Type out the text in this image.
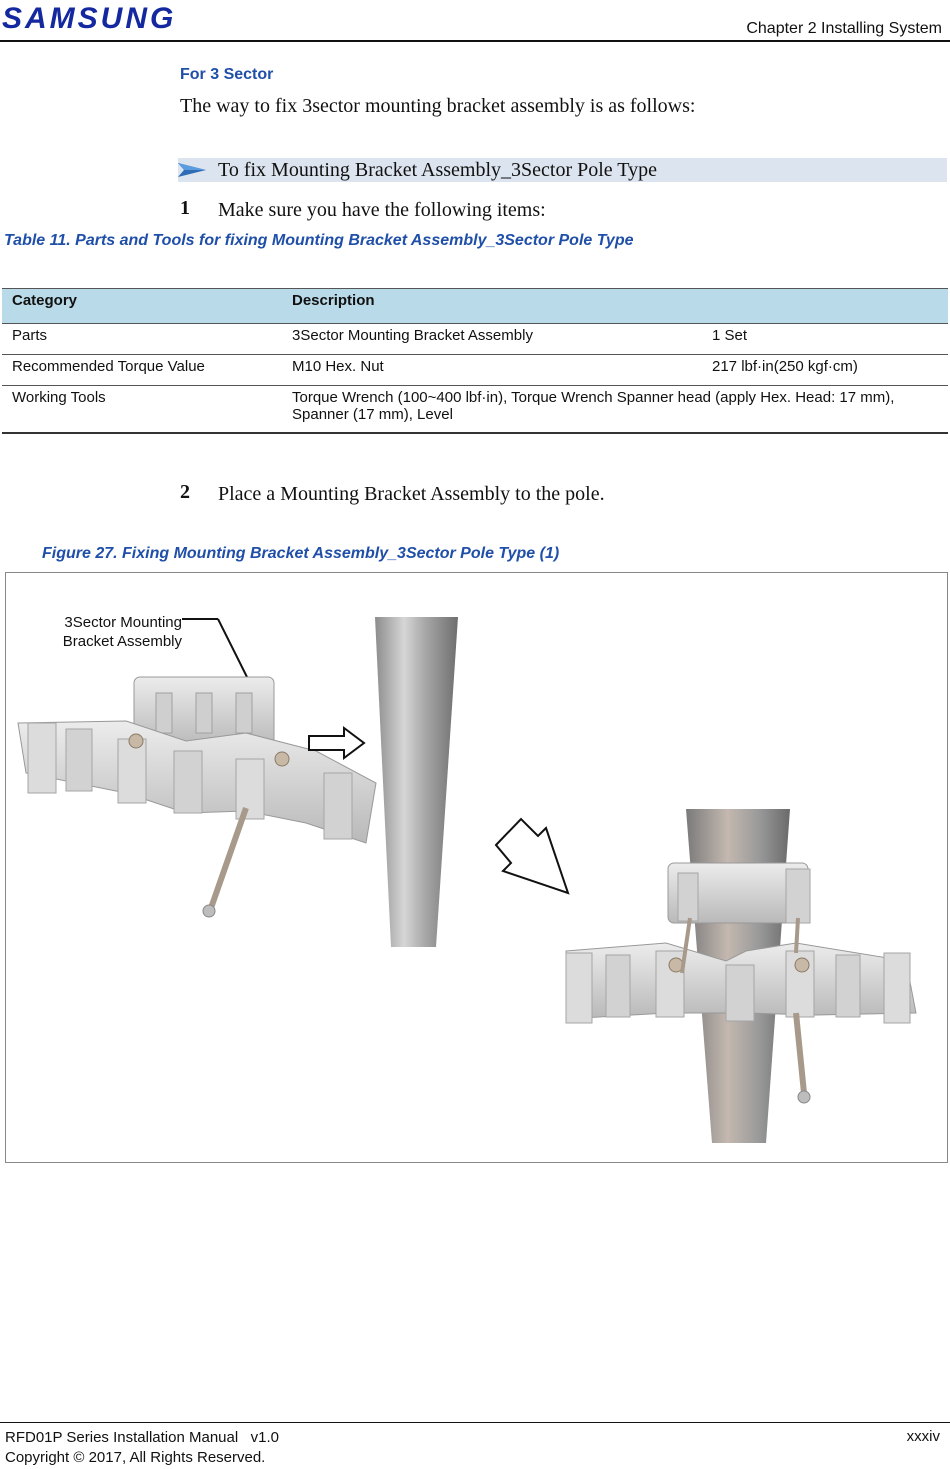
SAMSUNG	Chapter 2 Installing System
For 3 Sector
The way to fix 3sector mounting bracket assembly is as follows:
To fix Mounting Bracket Assembly_3Sector Pole Type
1 Make sure you have the following items:
Table 11. Parts and Tools for fixing Mounting Bracket Assembly_3Sector Pole Type
Category	Description	
Parts	3Sector Mounting Bracket Assembly	1 Set
Recommended Torque Value	M10 Hex. Nut	217 lbf·in(250 kgf·cm)
Working Tools	Torque Wrench (100~400 lbf·in), Torque Wrench Spanner head (apply Hex. Head: 17 mm), Spanner (17 mm), Level	
2 Place a Mounting Bracket Assembly to the pole.
Figure 27. Fixing Mounting Bracket Assembly_3Sector Pole Type (1)
3Sector Mounting
Bracket Assembly
RFD01P Series Installation Manual   v1.0
Copyright © 2017, All Rights Reserved.
xxxiv
